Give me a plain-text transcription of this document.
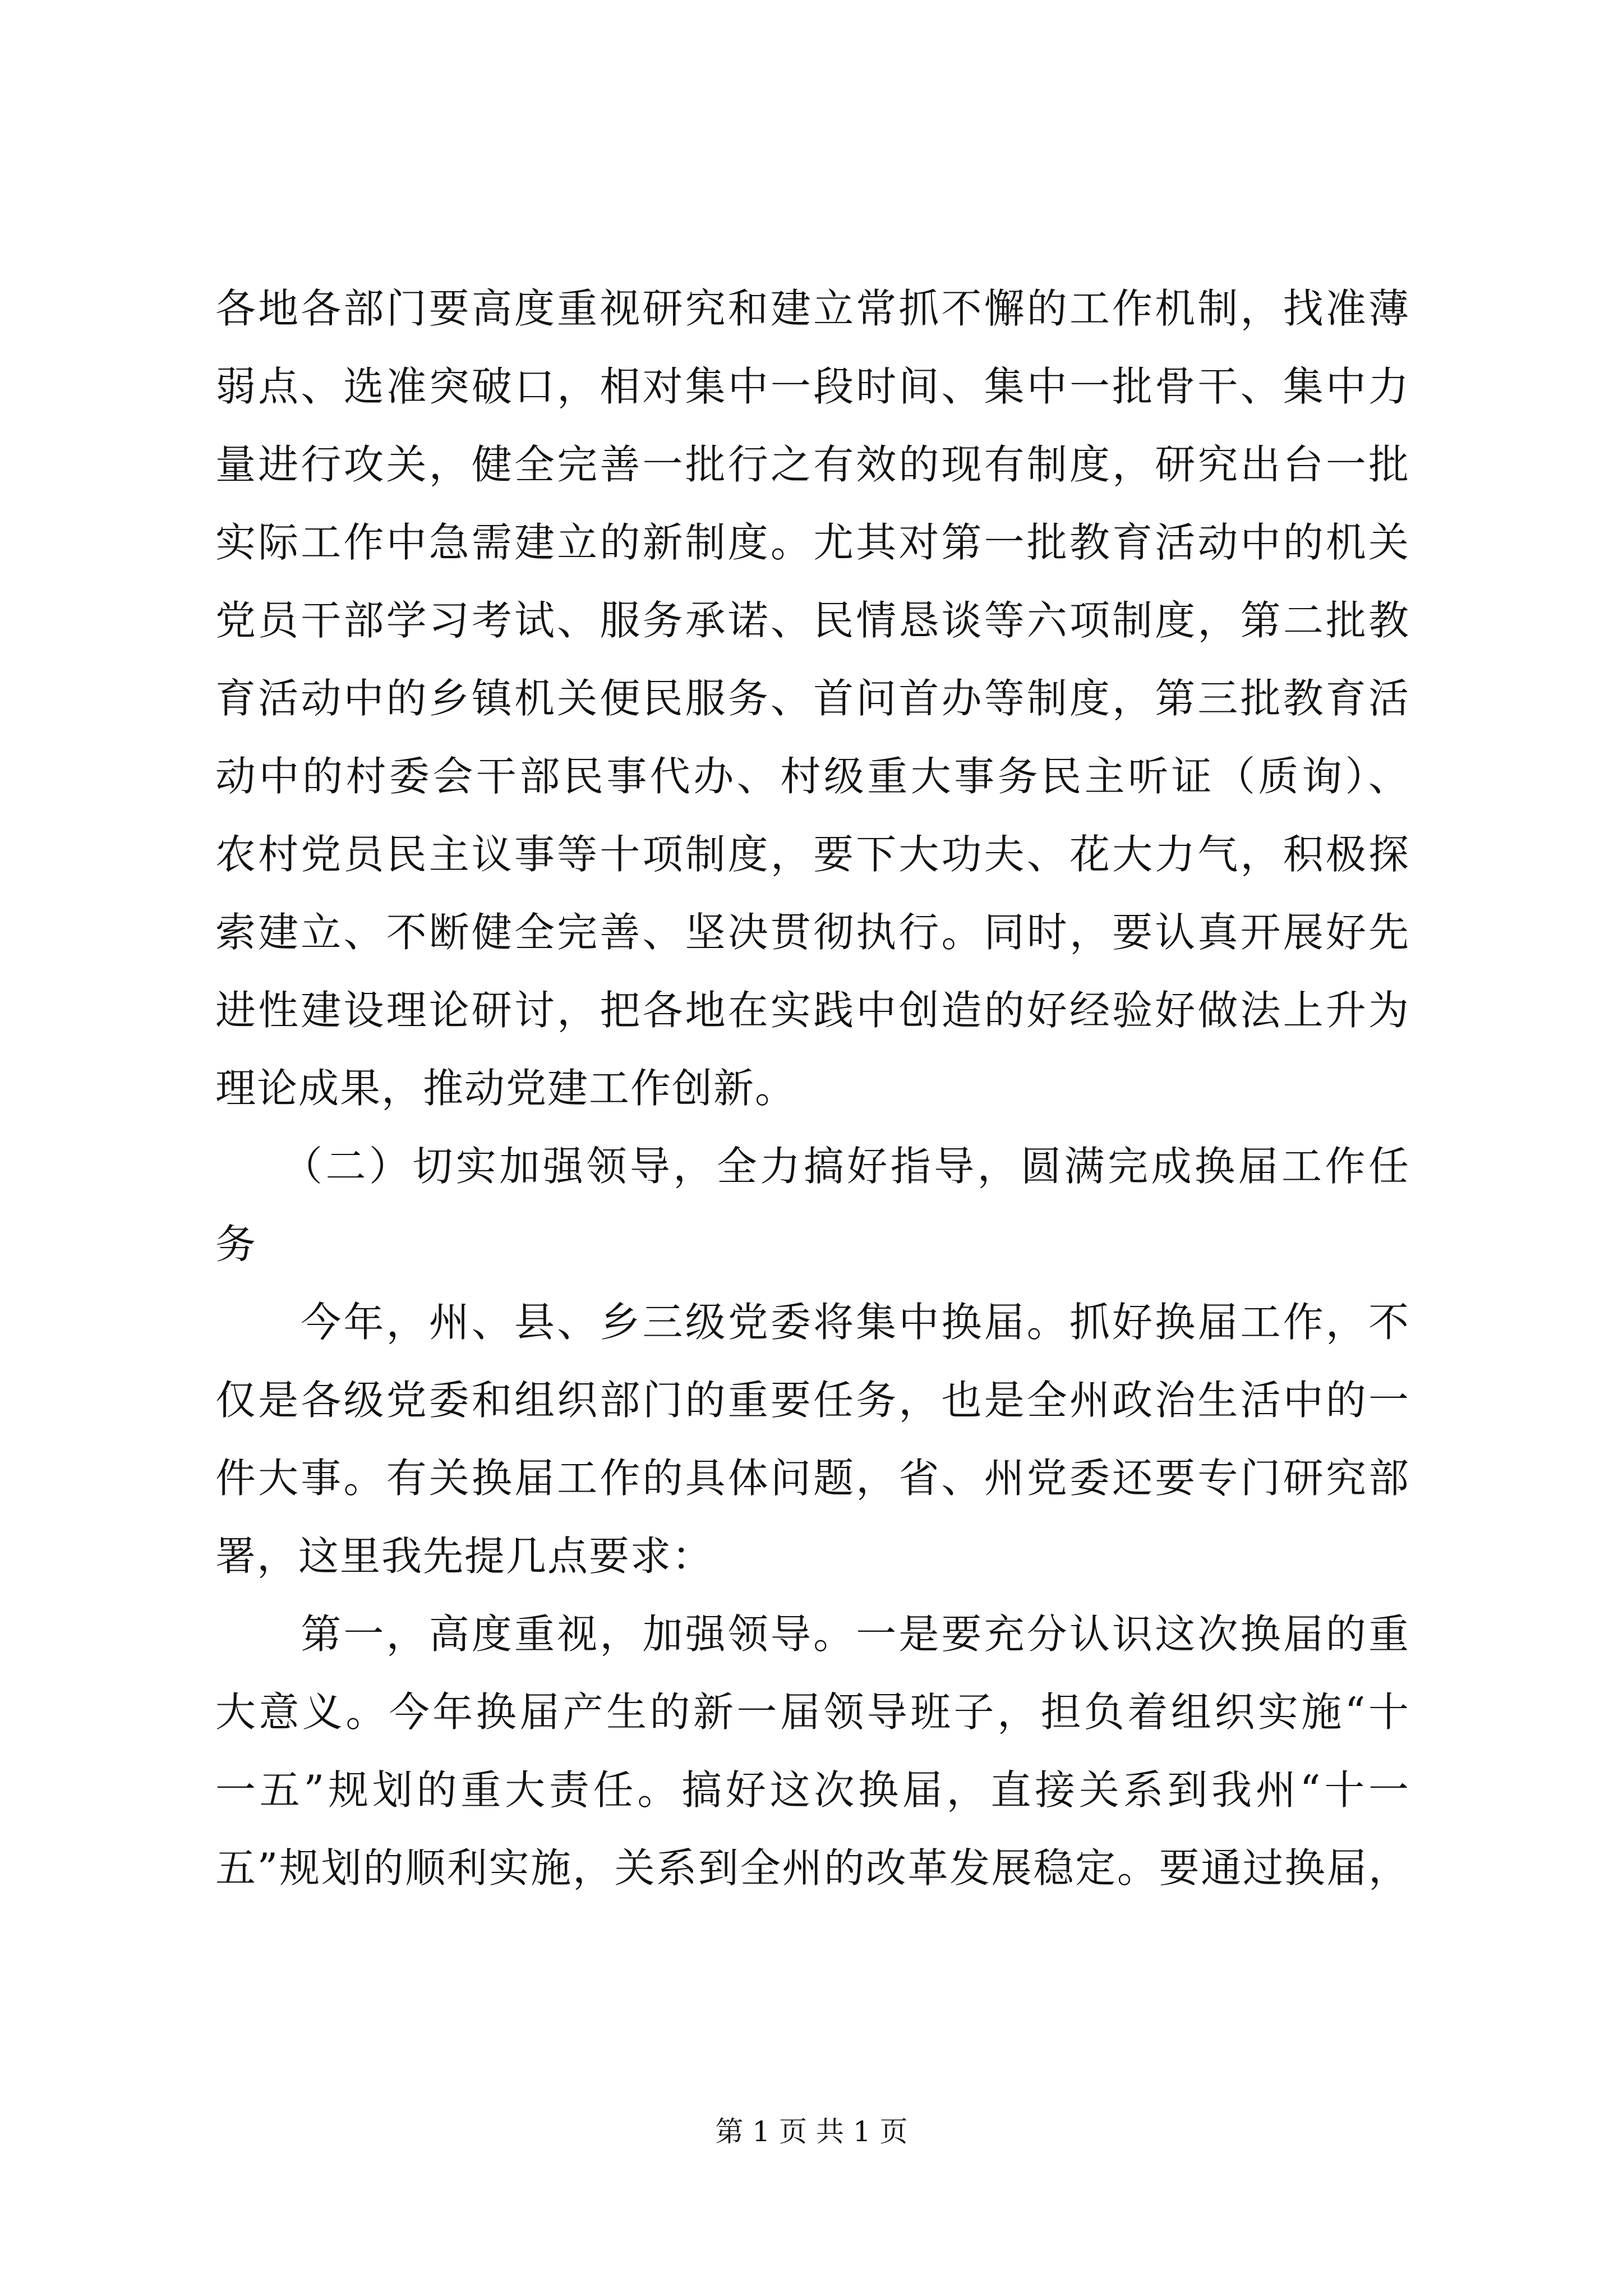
各地各部门要高度重视研究和建立常抓不懈的工作机制，找准薄
弱点、选准突破口，相对集中一段时间、集中一批骨干、集中力
量进行攻关，健全完善一批行之有效的现有制度，研究出台一批
实际工作中急需建立的新制度。尤其对第一批教育活动中的机关
党员干部学习考试、服务承诺、民情恳谈等六项制度，第二批教
育活动中的乡镇机关便民服务、首问首办等制度，第三批教育活
动中的村委会干部民事代办、村级重大事务民主听证（质询）、
农村党员民主议事等十项制度，要下大功夫、花大力气，积极探
索建立、不断健全完善、坚决贯彻执行。同时，要认真开展好先
进性建设理论研讨，把各地在实践中创造的好经验好做法上升为
理论成果，推动党建工作创新。
　　（二）切实加强领导，全力搞好指导，圆满完成换届工作任
务
　　今年，州、县、乡三级党委将集中换届。抓好换届工作，不
仅是各级党委和组织部门的重要任务，也是全州政治生活中的一
件大事。有关换届工作的具体问题，省、州党委还要专门研究部
署，这里我先提几点要求：
　　第一，高度重视，加强领导。一是要充分认识这次换届的重
大意义。今年换届产生的新一届领导班子，担负着组织实施“十
一五”规划的重大责任。搞好这次换届，直接关系到我州“十一
五”规划的顺利实施，关系到全州的改革发展稳定。要通过换届，
第 1 页 共 1 页
